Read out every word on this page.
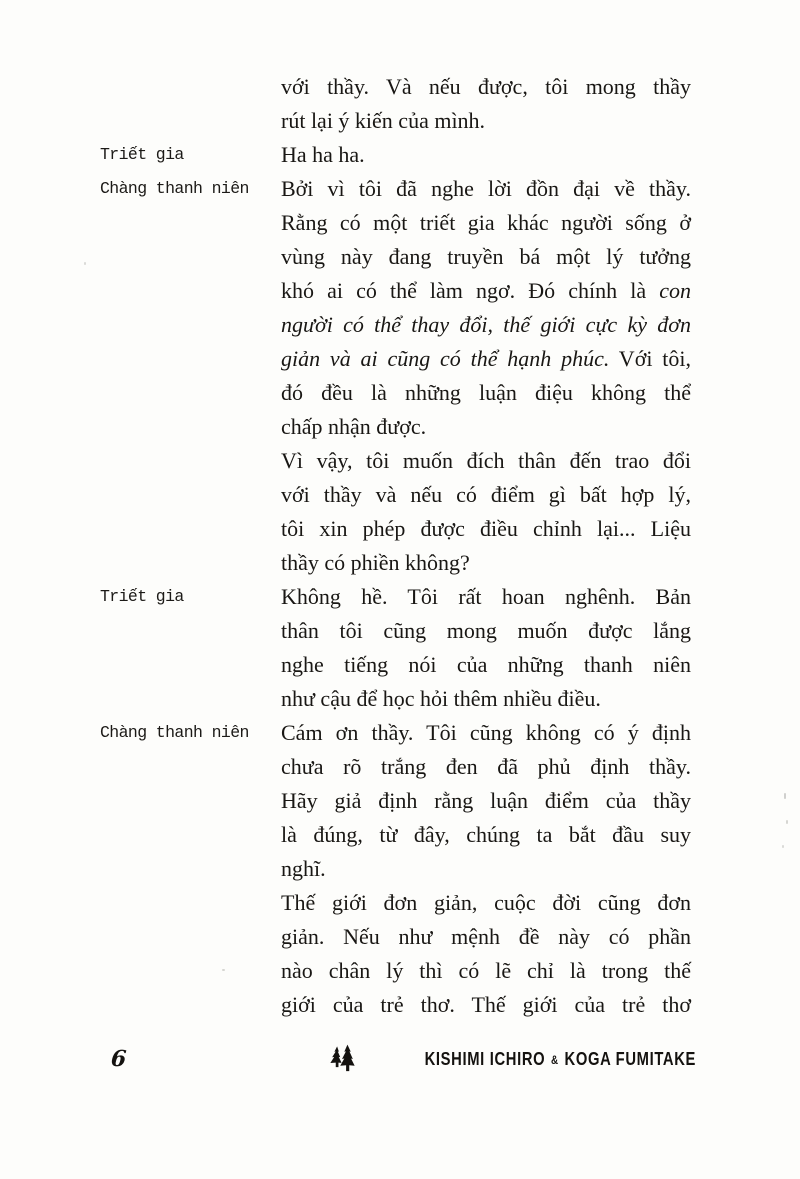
với thầy. Và nếu được, tôi mong thầy
rút lại ý kiến của mình.
Triết gia	Ha ha ha.
Chàng thanh niên	Bởi vì tôi đã nghe lời đồn đại về thầy.
Rằng có một triết gia khác người sống ở
vùng này đang truyền bá một lý tưởng
khó ai có thể làm ngơ. Đó chính là con
người có thể thay đổi, thế giới cực kỳ đơn
giản và ai cũng có thể hạnh phúc. Với tôi,
đó đều là những luận điệu không thể
chấp nhận được.
Vì vậy, tôi muốn đích thân đến trao đổi
với thầy và nếu có điểm gì bất hợp lý,
tôi xin phép được điều chỉnh lại... Liệu
thầy có phiền không?
Triết gia	Không hề. Tôi rất hoan nghênh. Bản
thân tôi cũng mong muốn được lắng
nghe tiếng nói của những thanh niên
như cậu để học hỏi thêm nhiều điều.
Chàng thanh niên	Cám ơn thầy. Tôi cũng không có ý định
chưa rõ trắng đen đã phủ định thầy.
Hãy giả định rằng luận điểm của thầy
là đúng, từ đây, chúng ta bắt đầu suy
nghĩ.
Thế giới đơn giản, cuộc đời cũng đơn
giản. Nếu như mệnh đề này có phần
nào chân lý thì có lẽ chỉ là trong thế
giới của trẻ thơ. Thế giới của trẻ thơ
6	KISHIMI ICHIRO & KOGA FUMITAKE
